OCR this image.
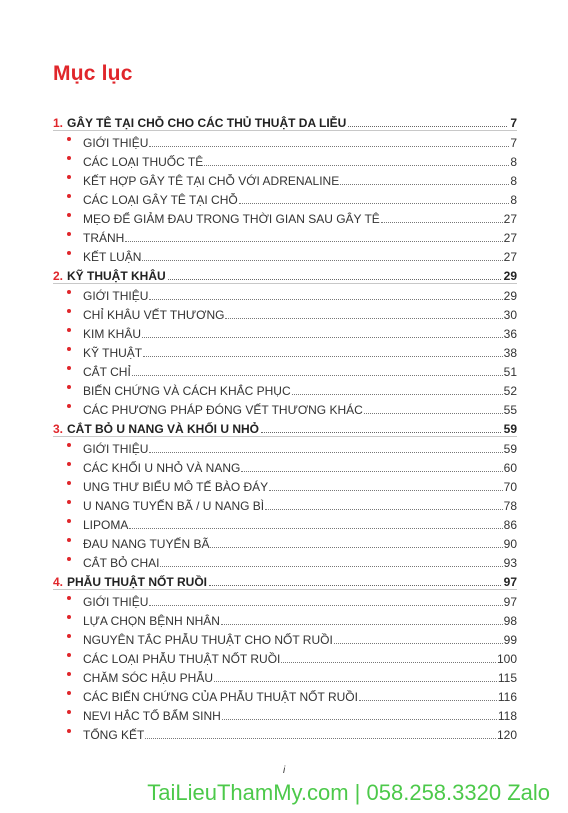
Mục lục
1. GÂY TÊ TẠI CHỖ CHO CÁC THỦ THUẬT DA LIỄU	7
GIỚI THIỆU	7
CÁC LOẠI THUỐC TÊ	8
KẾT HỢP GÂY TÊ TẠI CHỖ VỚI ADRENALINE	8
CÁC LOẠI GÂY TÊ TẠI CHỖ	8
MẸO ĐỂ GIẢM ĐAU TRONG THỜI GIAN SAU GÂY TÊ	27
TRÁNH	27
KẾT LUẬN	27
2. KỸ THUẬT KHÂU	29
GIỚI THIỆU	29
CHỈ KHÂU VẾT THƯƠNG	30
KIM KHÂU	36
KỸ THUẬT	38
CẮT CHỈ	51
BIẾN CHỨNG VÀ CÁCH KHẮC PHỤC	52
CÁC PHƯƠNG PHÁP ĐÓNG VẾT THƯƠNG KHÁC	55
3. CẮT BỎ U NANG VÀ KHỐI U NHỎ	59
GIỚI THIỆU	59
CÁC KHỐI U NHỎ VÀ NANG	60
UNG THƯ BIỂU MÔ TẾ BÀO ĐÁY	70
U NANG TUYẾN BÃ / U NANG BÌ	78
LIPOMA	86
ĐAU NANG TUYẾN BÃ	90
CẮT BỎ CHAI	93
4. PHẪU THUẬT NỐT RUỒI	97
GIỚI THIỆU	97
LỰA CHỌN BỆNH NHÂN	98
NGUYÊN TẮC PHẪU THUẬT CHO NỐT RUỒI	99
CÁC LOẠI PHẪU THUẬT NỐT RUỒI	100
CHĂM SÓC HẬU PHẪU	115
CÁC BIẾN CHỨNG CỦA PHẪU THUẬT NỐT RUỒI	116
NEVI HẮC TỐ BẨM SINH	118
TỔNG KẾT	120
i
TaiLieuThamMy.com | 058.258.3320 Zalo
